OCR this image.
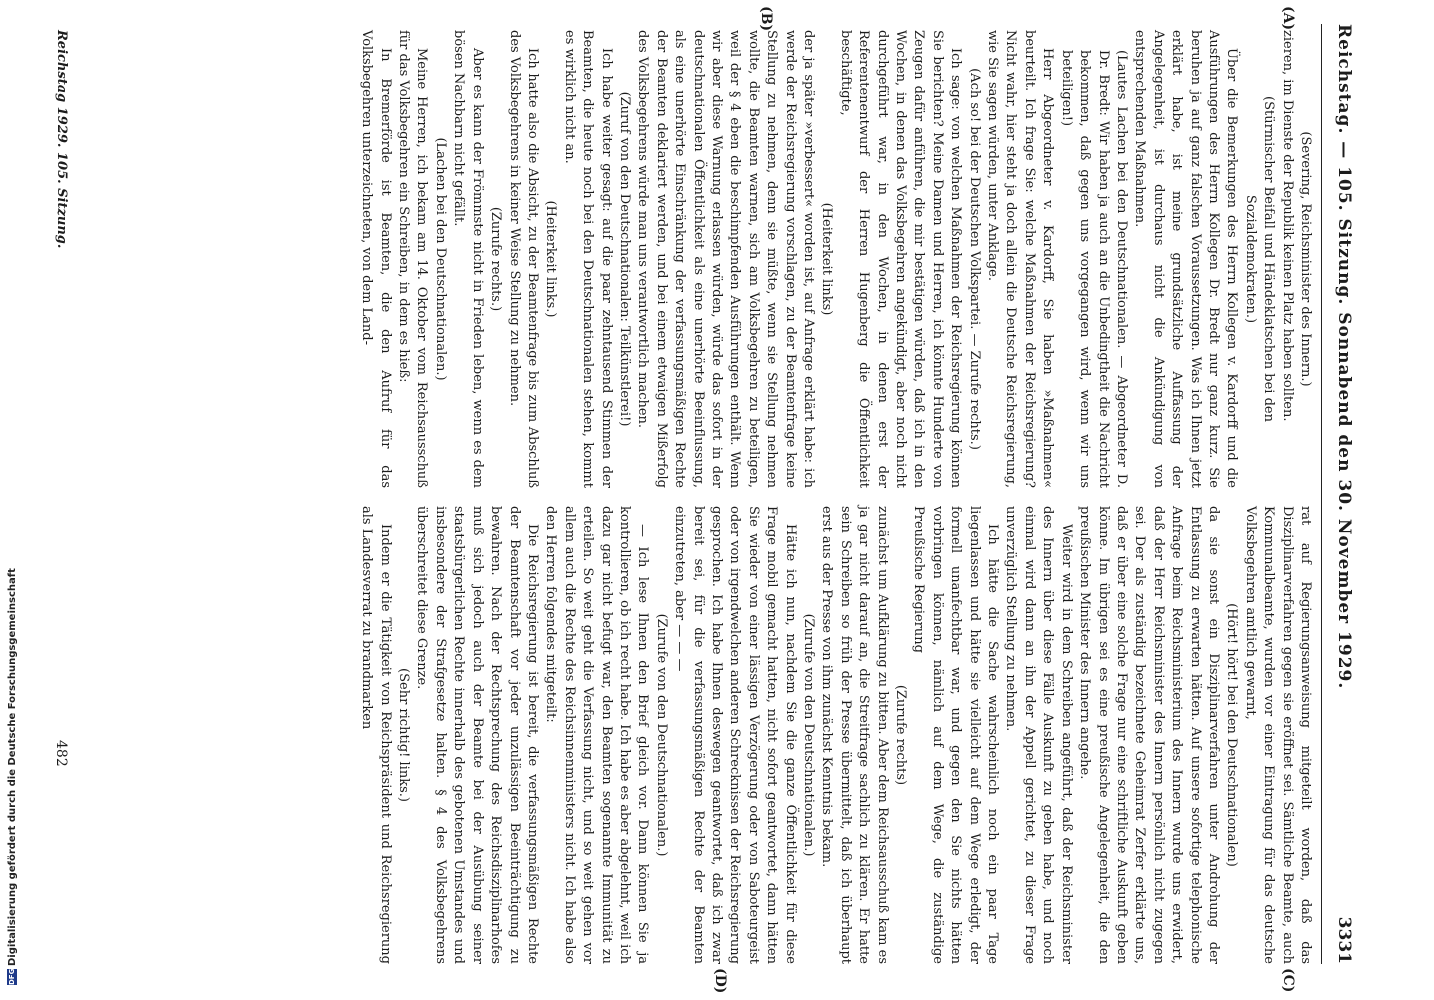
Reichstag. — 105. Sitzung. Sonnabend den 30. November 1929.
3331
(A)
(B)
(C)
(D)

(Severing, Reichsminister des Innern.)

zieren, im Dienste der Republik keinen Platz haben sollten.

(Stürmischer Beifall und Händeklatschen bei den Sozialdemokraten.)

Über die Bemerkungen des Herrn Kollegen v. Kardorff und die Ausführungen des Herrn Kollegen Dr. Bredt nur ganz kurz. Sie beruhen ja auf ganz falschen Voraussetzungen. Was ich Ihnen jetzt erklärt habe, ist meine grundsätzliche Auffassung der Angelegenheit, ist durchaus nicht die Ankündigung von entsprechenden Maßnahmen.

(Lautes Lachen bei den Deutschnationalen. — Abgeordneter D. Dr. Bredt: Wir haben ja auch an die Unbedingtheit die Nachricht bekommen, daß gegen uns vorgegangen wird, wenn wir uns beteiligen!)

Herr Abgeordneter v. Kardorff, Sie haben »Maßnahmen« beurteilt. Ich frage Sie: welche Maßnahmen der Reichsregierung? Nicht wahr, hier steht ja doch allein die Deutsche Reichsregierung, wie Sie sagen würden, unter Anklage.

(Ach so! bei der Deutschen Volkspartei. — Zurufe rechts.)

Ich sage: von welchen Maßnahmen der Reichsregierung können Sie berichten? Meine Damen und Herren, ich könnte Hunderte von Zeugen dafür anführen, die mir bestätigen würden, daß ich in den Wochen, in denen das Volksbegehren angekündigt, aber noch nicht durchgeführt war, in den Wochen, in denen erst der Referentenentwurf der Herren Hugenberg die Öffentlichkeit beschäftigte,

(Heiterkeit links)

der ja später »verbessert« worden ist, auf Anfrage erklärt habe: ich werde der Reichsregierung vorschlagen, zu der Beamtenfrage keine Stellung zu nehmen, denn sie müßte, wenn sie Stellung nehmen wollte, die Beamten warnen, sich am Volksbegehren zu beteiligen, weil der § 4 eben die beschimpfenden Ausführungen enthält. Wenn wir aber diese Warnung erlassen würden, würde das sofort in der deutschnationalen Öffentlichkeit als eine unerhörte Beeinflussung, als eine unerhörte Einschränkung der verfassungsmäßigen Rechte der Beamten deklariert werden, und bei einem etwaigen Mißerfolg des Volksbegehrens würde man uns verantwortlich machen.

(Zuruf von den Deutschnationalen: Teilkünstlerei!)

Ich habe weiter gesagt: auf die paar zehntausend Stimmen der Beamten, die heute noch bei den Deutschnationalen stehen, kommt es wirklich nicht an.

(Heiterkeit links.)

Ich hatte also die Absicht, zu der Beamtenfrage bis zum Abschluß des Volksbegehrens in keiner Weise Stellung zu nehmen.

(Zurufe rechts.)

Aber es kann der Frömmste nicht in Frieden leben, wenn es dem bösen Nachbarn nicht gefällt.

(Lachen bei den Deutschnationalen.)

Meine Herren, ich bekam am 14. Oktober vom Reichsausschuß für das Volksbegehren ein Schreiben, in dem es hieß:

In Bremerförde ist Beamten, die den Aufruf für das Volksbegehren unterzeichneten, von dem Land-

rat auf Regierungsanweisung mitgeteilt worden, daß das Disziplinarverfahren gegen sie eröffnet sei. Sämtliche Beamte, auch Kommunalbeamte, wurden vor einer Eintragung für das deutsche Volksbegehren amtlich gewarnt,

(Hört! hört! bei den Deutschnationalen)

da sie sonst ein Disziplinarverfahren unter Androhung der Entlassung zu erwarten hätten. Auf unsere sofortige telephonische Anfrage beim Reichsministerium des Innern wurde uns erwidert, daß der Herr Reichsminister des Innern persönlich nicht zugegen sei. Der als zuständig bezeichnete Geheimrat Zerfer erklärte uns, daß er über eine solche Frage nur eine schriftliche Auskunft geben könne. Im übrigen sei es eine preußische Angelegenheit, die den preußischen Minister des Innern angehe.

Weiter wird in dem Schreiben angeführt, daß der Reichsminister des Innern über diese Fälle Auskunft zu geben habe, und noch einmal wird dann an ihn der Appell gerichtet, zu dieser Frage unverzüglich Stellung zu nehmen.

Ich hätte die Sache wahrscheinlich noch ein paar Tage liegenlassen und hätte sie vielleicht auf dem Wege erledigt, der formell unanfechtbar war, und gegen den Sie nichts hätten vorbringen können, nämlich auf dem Wege, die zuständige Preußische Regierung

(Zurufe rechts)

zunächst um Aufklärung zu bitten. Aber dem Reichsausschuß kam es ja gar nicht darauf an, die Streitfrage sachlich zu klären. Er hatte sein Schreiben so früh der Presse übermittelt, daß ich überhaupt erst aus der Presse von ihm zunächst Kenntnis bekam.

(Zurufe von den Deutschnationalen.)

Hätte ich nun, nachdem Sie die ganze Öffentlichkeit für diese Frage mobil gemacht hatten, nicht sofort geantwortet, dann hätten Sie wieder von einer lässigen Verzögerung oder von Saboteurgeist oder von irgendwelchen anderen Schrecknissen der Reichsregierung gesprochen. Ich habe Ihnen deswegen geantwortet, daß ich zwar bereit sei, für die verfassungsmäßigen Rechte der Beamten einzutreten, aber — — —

(Zurufe von den Deutschnationalen.)

— Ich lese Ihnen den Brief gleich vor. Dann können Sie ja kontrollieren, ob ich recht habe. Ich habe es aber abgelehnt, weil ich dazu gar nicht befugt war, den Beamten sogenannte Immunität zu erteilen. So weit geht die Verfassung nicht, und so weit gehen vor allem auch die Rechte des Reichsinnenministers nicht. Ich habe also den Herren folgendes mitgeteilt:

Die Reichsregierung ist bereit, die verfassungsmäßigen Rechte der Beamtenschaft vor jeder unzulässigen Beeinträchtigung zu bewahren. Nach der Rechtsprechung des Reichsdisziplinarhofes muß sich jedoch auch der Beamte bei der Ausübung seiner staatsbürgerlichen Rechte innerhalb des gebotenen Umstandes und insbesondere der Strafgesetze halten. § 4 des Volksbegehrens überschreitet diese Grenze.

(Sehr richtig! links.)

Indem er die Tätigkeit von Reichspräsident und Reichsregierung als Landesverrat zu brandmarken

Reichstag 1929. 105. Sitzung.
482
DFGDigitalisierung gefördert durch die Deutsche Forschungsgemeinschaft
